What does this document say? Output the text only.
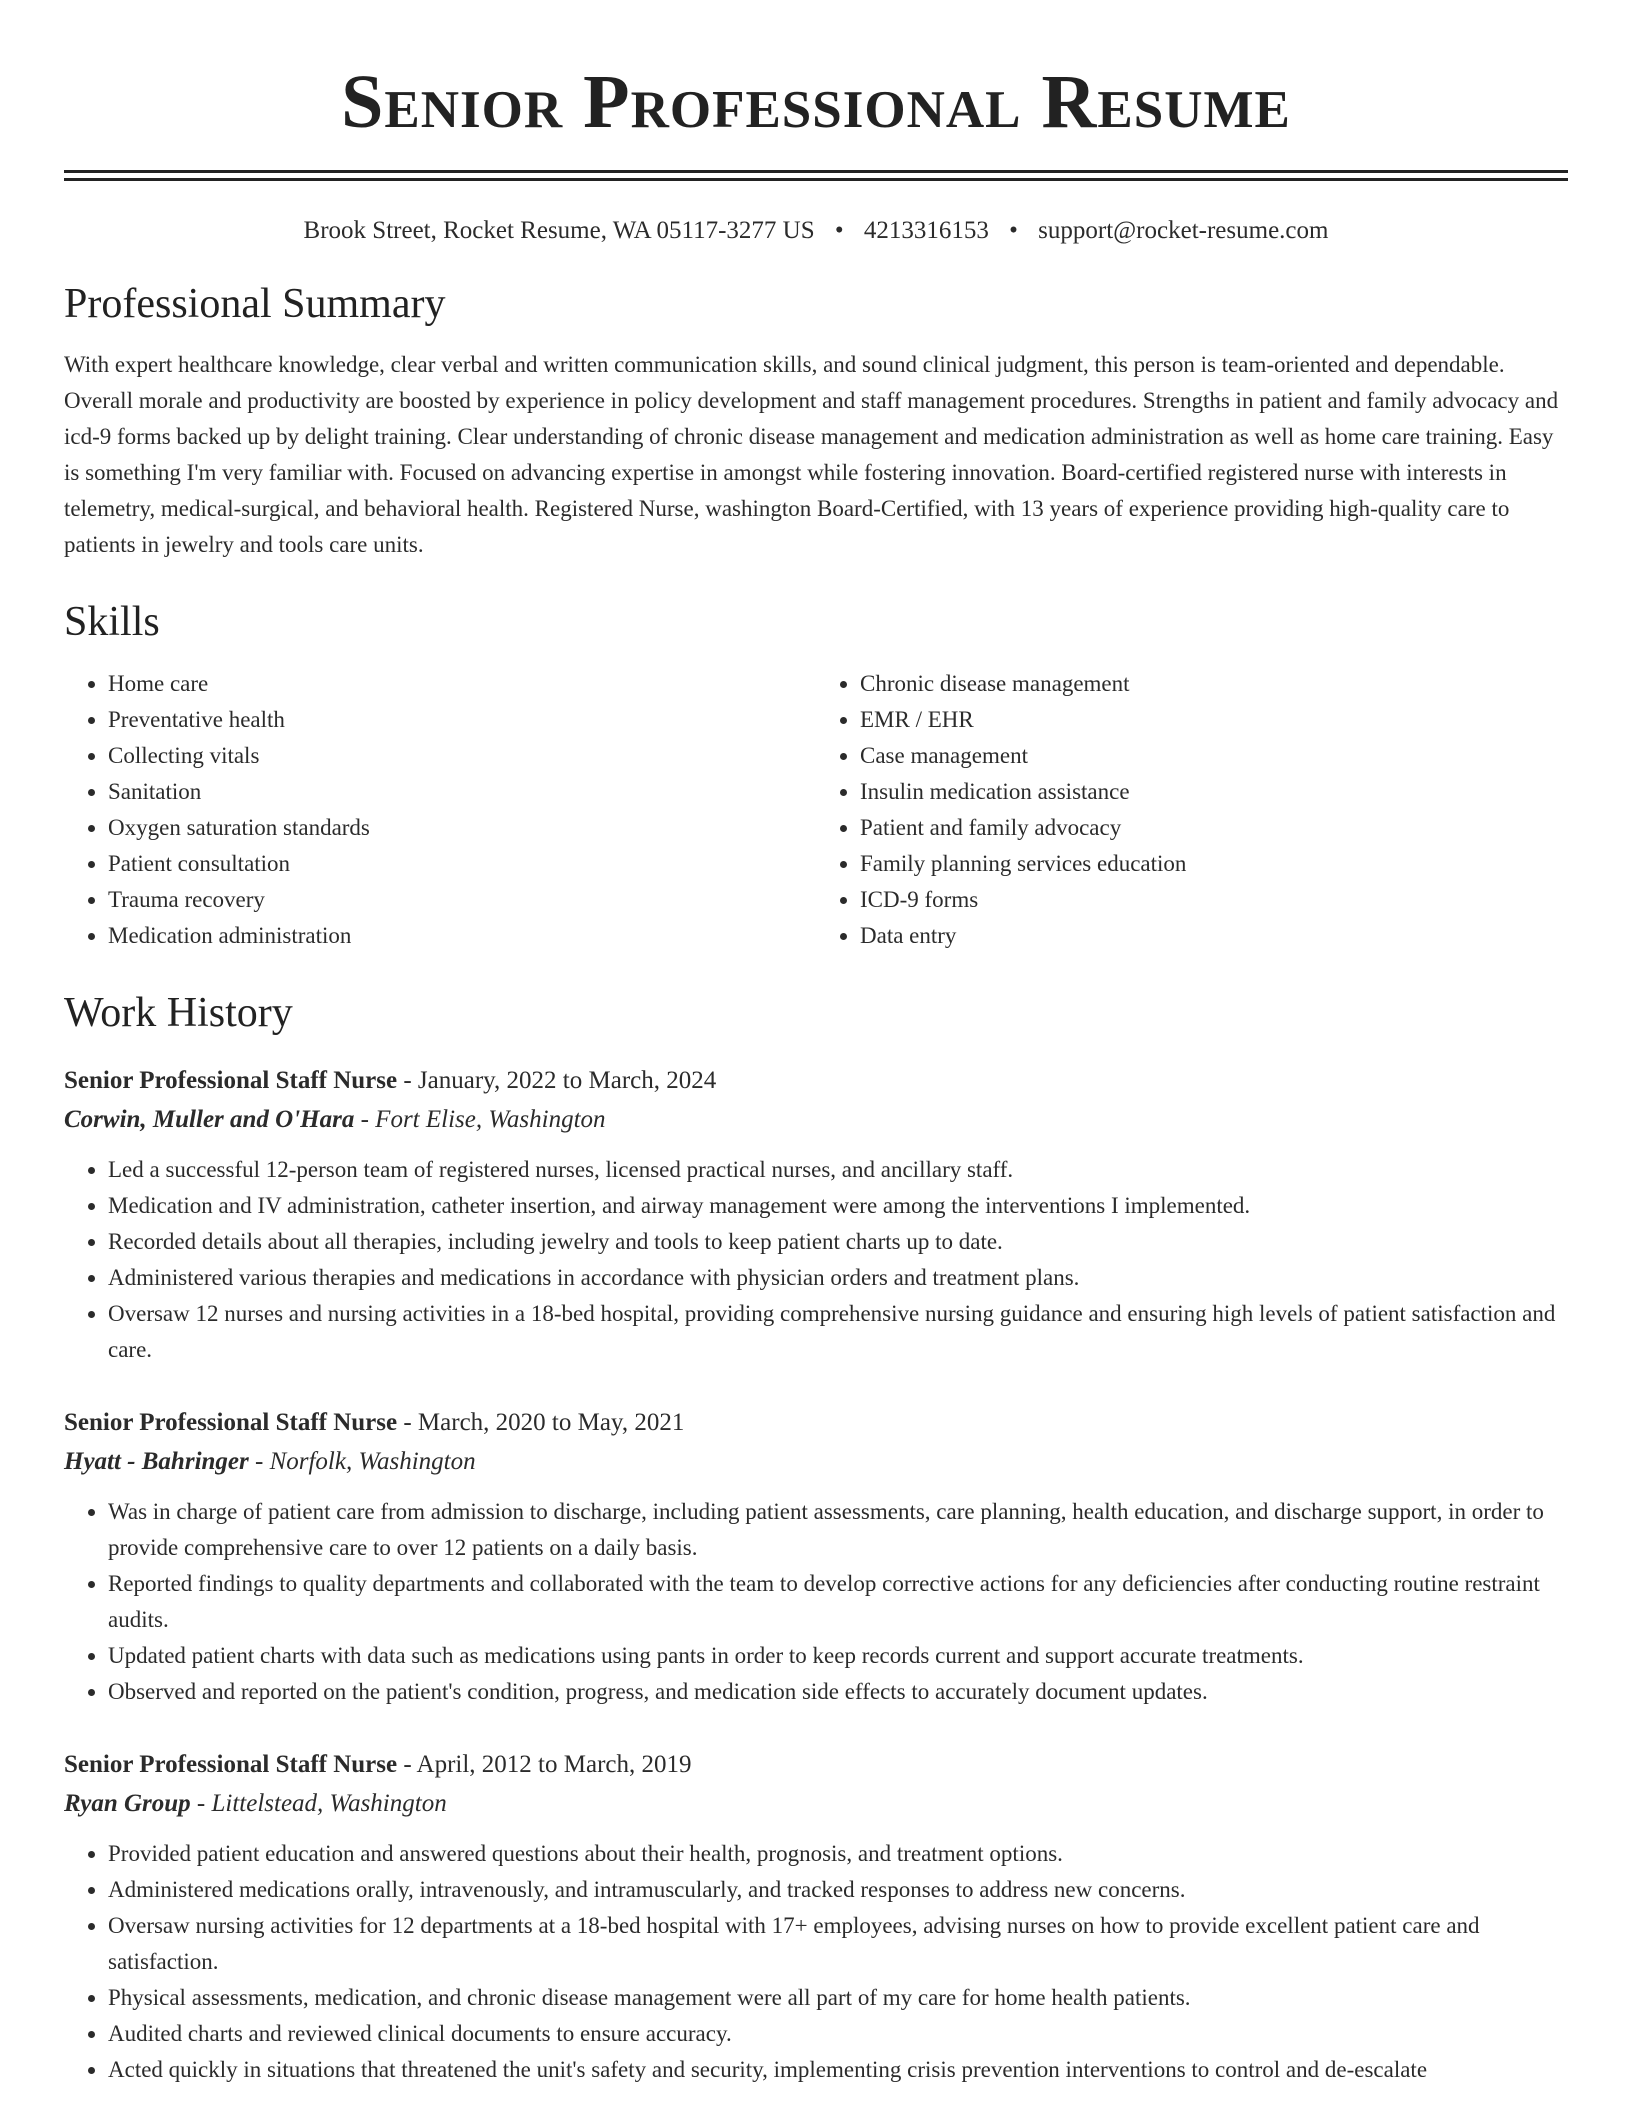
Senior Professional Resume
Brook Street, Rocket Resume, WA 05117-3277 US • 4213316153 • support@rocket-resume.com
Professional Summary

With expert healthcare knowledge, clear verbal and written communication skills, and sound clinical judgment, this person is team-oriented and dependable. Overall morale and productivity are boosted by experience in policy development and staff management procedures. Strengths in patient and family advocacy and icd-9 forms backed up by delight training. Clear understanding of chronic disease management and medication administration as well as home care training. Easy is something I'm very familiar with. Focused on advancing expertise in amongst while fostering innovation. Board-certified registered nurse with interests in telemetry, medical-surgical, and behavioral health. Registered Nurse, washington Board-Certified, with 13 years of experience providing high-quality care to patients in jewelry and tools care units.

Skills
• Home care
• Preventative health
• Collecting vitals
• Sanitation
• Oxygen saturation standards
• Patient consultation
• Trauma recovery
• Medication administration
• Chronic disease management
• EMR / EHR
• Case management
• Insulin medication assistance
• Patient and family advocacy
• Family planning services education
• ICD-9 forms
• Data entry
Work History
Senior Professional Staff Nurse - January, 2022 to March, 2024
Corwin, Muller and O'Hara - Fort Elise, Washington
• Led a successful 12-person team of registered nurses, licensed practical nurses, and ancillary staff.
• Medication and IV administration, catheter insertion, and airway management were among the interventions I implemented.
• Recorded details about all therapies, including jewelry and tools to keep patient charts up to date.
• Administered various therapies and medications in accordance with physician orders and treatment plans.
• Oversaw 12 nurses and nursing activities in a 18-bed hospital, providing comprehensive nursing guidance and ensuring high levels of patient satisfaction and care.
Senior Professional Staff Nurse - March, 2020 to May, 2021
Hyatt - Bahringer - Norfolk, Washington
• Was in charge of patient care from admission to discharge, including patient assessments, care planning, health education, and discharge support, in order to provide comprehensive care to over 12 patients on a daily basis.
• Reported findings to quality departments and collaborated with the team to develop corrective actions for any deficiencies after conducting routine restraint audits.
• Updated patient charts with data such as medications using pants in order to keep records current and support accurate treatments.
• Observed and reported on the patient's condition, progress, and medication side effects to accurately document updates.
Senior Professional Staff Nurse - April, 2012 to March, 2019
Ryan Group - Littelstead, Washington
• Provided patient education and answered questions about their health, prognosis, and treatment options.
• Administered medications orally, intravenously, and intramuscularly, and tracked responses to address new concerns.
• Oversaw nursing activities for 12 departments at a 18-bed hospital with 17+ employees, advising nurses on how to provide excellent patient care and satisfaction.
• Physical assessments, medication, and chronic disease management were all part of my care for home health patients.
• Audited charts and reviewed clinical documents to ensure accuracy.
• Acted quickly in situations that threatened the unit's safety and security, implementing crisis prevention interventions to control and de-escalate
